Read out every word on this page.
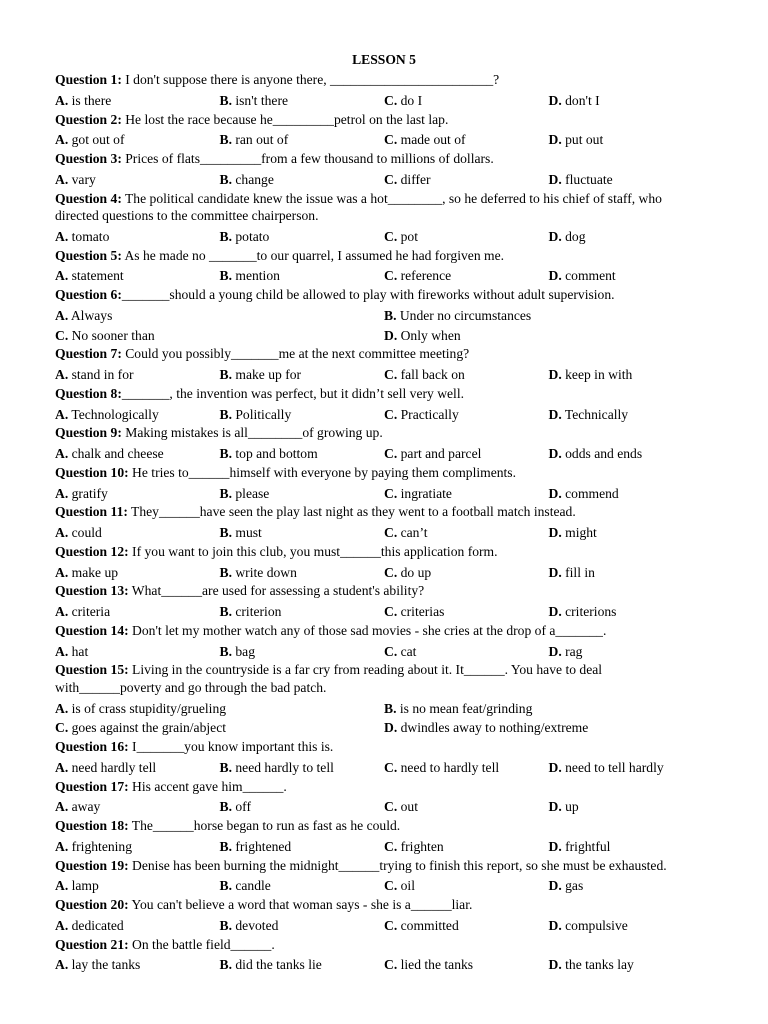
LESSON 5
Question 1: I don't suppose there is anyone there, ________________________?
A. is there	B. isn't there	C. do I	D. don't I
Question 2: He lost the race because he_________petrol on the last lap.
A. got out of	B. ran out of	C. made out of	D. put out
Question 3: Prices of flats_________from a few thousand to millions of dollars.
A. vary	B. change	C. differ	D. fluctuate
Question 4: The political candidate knew the issue was a hot________, so he deferred to his chief of staff, who directed questions to the committee chairperson.
A. tomato	B. potato	C. pot	D. dog
Question 5: As he made no _______to our quarrel, I assumed he had forgiven me.
A. statement	B. mention	C. reference	D. comment
Question 6:_______should a young child be allowed to play with fireworks without adult supervision.
A. Always	B. Under no circumstances
C. No sooner than	D. Only when
Question 7: Could you possibly_______me at the next committee meeting?
A. stand in for	B. make up for	C. fall back on	D. keep in with
Question 8:_______, the invention was perfect, but it didn’t sell very well.
A. Technologically	B. Politically	C. Practically	D. Technically
Question 9: Making mistakes is all________of growing up.
A. chalk and cheese	B. top and bottom	C. part and parcel	D. odds and ends
Question 10: He tries to______himself with everyone by paying them compliments.
A. gratify	B. please	C. ingratiate	D. commend
Question 11: They______have seen the play last night as they went to a football match instead.
A. could	B. must	C. can’t	D. might
Question 12: If you want to join this club, you must______this application form.
A. make up	B. write down	C. do up	D. fill in
Question 13: What______are used for assessing a student's ability?
A. criteria	B. criterion	C. criterias	D. criterions
Question 14: Don't let my mother watch any of those sad movies - she cries at the drop of a_______.
A. hat	B. bag	C. cat	D. rag
Question 15: Living in the countryside is a far cry from reading about it. It______. You have to deal with______poverty and go through the bad patch.
A. is of crass stupidity/grueling	B. is no mean feat/grinding
C. goes against the grain/abject	D. dwindles away to nothing/extreme
Question 16: I_______you know important this is.
A. need hardly tell	B. need hardly to tell	C. need to hardly tell	D. need to tell hardly
Question 17: His accent gave him______.
A. away	B. off	C. out	D. up
Question 18: The______horse began to run as fast as he could.
A. frightening	B. frightened	C. frighten	D. frightful
Question 19: Denise has been burning the midnight______trying to finish this report, so she must be exhausted.
A. lamp	B. candle	C. oil	D. gas
Question 20: You can't believe a word that woman says - she is a______liar.
A. dedicated	B. devoted	C. committed	D. compulsive
Question 21: On the battle field______.
A. lay the tanks	B. did the tanks lie	C. lied the tanks	D. the tanks lay
